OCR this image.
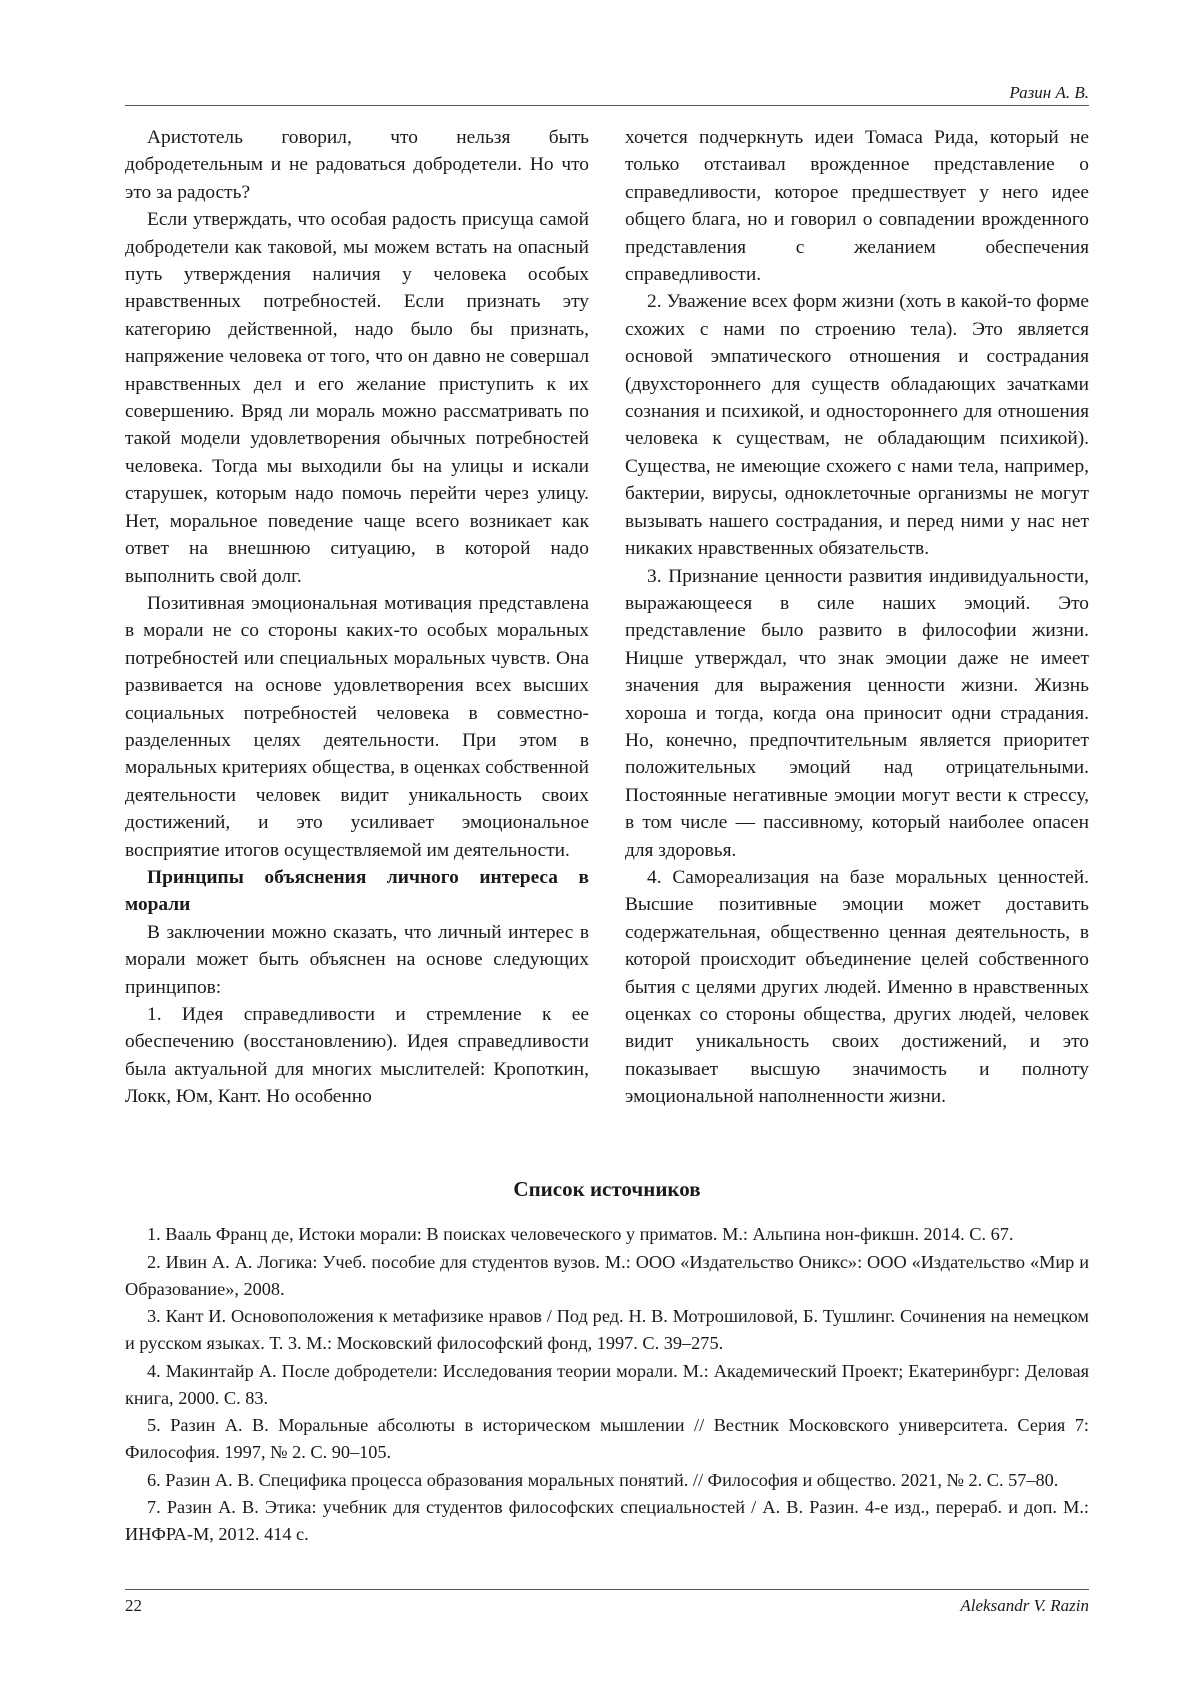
Разин А. В.

Аристотель говорил, что нельзя быть добродетельным и не радоваться добродетели. Но что это за радость?

Если утверждать, что особая радость присуща самой добродетели как таковой, мы можем встать на опасный путь утверждения наличия у человека особых нравственных потребностей. Если признать эту категорию действенной, надо было бы признать, напряжение человека от того, что он давно не совершал нравственных дел и его желание приступить к их совершению. Вряд ли мораль можно рассматривать по такой модели удовлетворения обычных потребностей человека. Тогда мы выходили бы на улицы и искали старушек, которым надо помочь перейти через улицу. Нет, моральное поведение чаще всего возникает как ответ на внешнюю ситуацию, в которой надо выполнить свой долг.

Позитивная эмоциональная мотивация представлена в морали не со стороны каких-то особых моральных потребностей или специальных моральных чувств. Она развивается на основе удовлетворения всех высших социальных потребностей человека в совместно-разделенных целях деятельности. При этом в моральных критериях общества, в оценках собственной деятельности человек видит уникальность своих достижений, и это усиливает эмоциональное восприятие итогов осуществляемой им деятельности.

Принципы объяснения личного интереса в морали

В заключении можно сказать, что личный интерес в морали может быть объяснен на основе следующих принципов:

1. Идея справедливости и стремление к ее обеспечению (восстановлению). Идея справедливости была актуальной для многих мыслителей: Кропоткин, Локк, Юм, Кант. Но особенно

хочется подчеркнуть идеи Томаса Рида, который не только отстаивал врожденное представление о справедливости, которое предшествует у него идее общего блага, но и говорил о совпадении врожденного представления с желанием обеспечения справедливости.

2. Уважение всех форм жизни (хоть в какой-то форме схожих с нами по строению тела). Это является основой эмпатического отношения и сострадания (двухстороннего для существ обладающих зачатками сознания и психикой, и одностороннего для отношения человека к существам, не обладающим психикой). Существа, не имеющие схожего с нами тела, например, бактерии, вирусы, одноклеточные организмы не могут вызывать нашего сострадания, и перед ними у нас нет никаких нравственных обязательств.

3. Признание ценности развития индивидуальности, выражающееся в силе наших эмоций. Это представление было развито в философии жизни. Ницше утверждал, что знак эмоции даже не имеет значения для выражения ценности жизни. Жизнь хороша и тогда, когда она приносит одни страдания. Но, конечно, предпочтительным является приоритет положительных эмоций над отрицательными. Постоянные негативные эмоции могут вести к стрессу, в том числе — пассивному, который наиболее опасен для здоровья.

4. Самореализация на базе моральных ценностей. Высшие позитивные эмоции может доставить содержательная, общественно ценная деятельность, в которой происходит объединение целей собственного бытия с целями других людей. Именно в нравственных оценках со стороны общества, других людей, человек видит уникальность своих достижений, и это показывает высшую значимость и полноту эмоциональной наполненности жизни.

Список источников

1. Вааль Франц де, Истоки морали: В поисках человеческого у приматов. М.: Альпина нон-фикшн. 2014. С. 67.

2. Ивин А. А. Логика: Учеб. пособие для студентов вузов. М.: ООО «Издательство Оникс»: ООО «Издательство «Мир и Образование», 2008.

3. Кант И. Основоположения к метафизике нравов / Под ред. Н. В. Мотрошиловой, Б. Тушлинг. Сочинения на немецком и русском языках. Т. 3. М.: Московский философский фонд, 1997. С. 39–275.

4. Макинтайр А. После добродетели: Исследования теории морали. М.: Академический Проект; Екатеринбург: Деловая книга, 2000. С. 83.

5. Разин А. В. Моральные абсолюты в историческом мышлении // Вестник Московского университета. Серия 7: Философия. 1997, № 2. С. 90–105.

6. Разин А. В. Специфика процесса образования моральных понятий. // Философия и общество. 2021, № 2. С. 57–80.

7. Разин А. В. Этика: учебник для студентов философских специальностей / А. В. Разин. 4-е изд., перераб. и доп. М.: ИНФРА-М, 2012. 414 с.

22	Aleksandr V. Razin
